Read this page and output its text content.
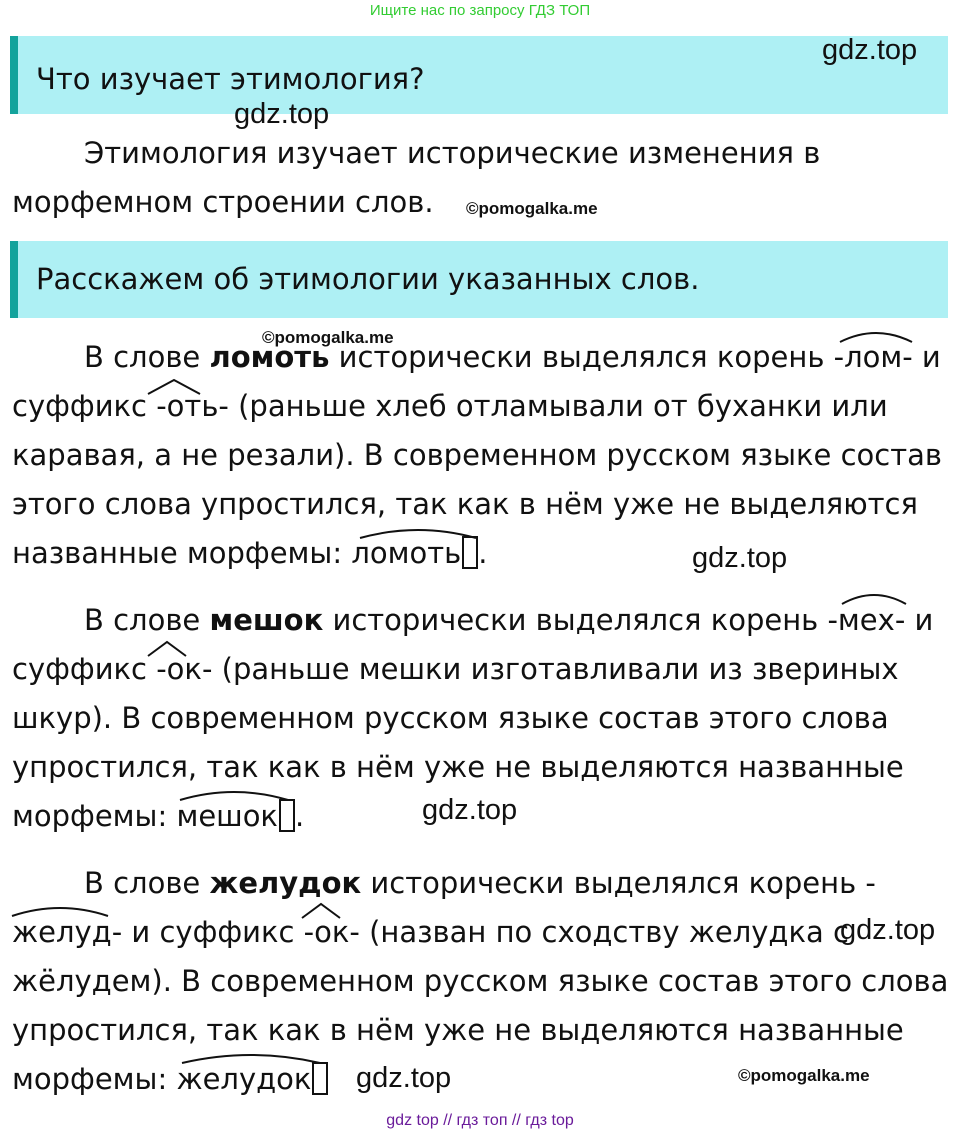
Ищите нас по запросу ГДЗ ТОП
Что изучает этимология?
gdz.top
gdz.top
Этимология изучает исторические изменения в
морфемном строении слов. ©pomogalka.me
Расскажем об этимологии указанных слов.
©pomogalka.me
В слове ломоть исторически выделялся корень -лом- и
суффикс -оть- (раньше хлеб отламывали от буханки или
каравая, а не резали). В современном русском языке состав
этого слова упростился, так как в нём уже не выделяются
названные морфемы: ломоть .	gdz.top
В слове мешок исторически выделялся корень -мех- и
суффикс -ок- (раньше мешки изготавливали из звериных
шкур). В современном русском языке состав этого слова
упростился, так как в нём уже не выделяются названные
морфемы: мешок .	gdz.top
В слове желудок исторически выделялся корень -
желуд- и суффикс -ок- (назван по сходству желудка с
gdz.top
жёлудем). В современном русском языке состав этого слова
упростился, так как в нём уже не выделяются названные
морфемы: желудок	gdz.top	©pomogalka.me
gdz top // гдз топ // гдз top
